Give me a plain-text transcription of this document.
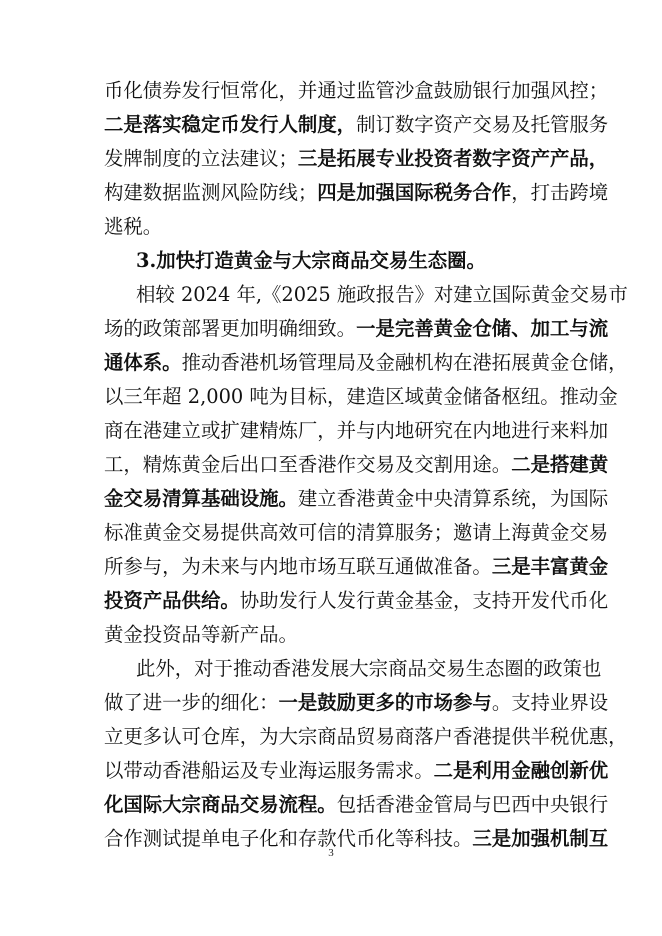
币化债券发行恒常化，并通过监管沙盒鼓励银行加强风控；
二是落实稳定币发行人制度，制订数字资产交易及托管服务
发牌制度的立法建议；三是拓展专业投资者数字资产产品，
构建数据监测风险防线；四是加强国际税务合作，打击跨境
逃税。
3.加快打造黄金与大宗商品交易生态圈。
相较 2024 年,《2025 施政报告》对建立国际黄金交易市
场的政策部署更加明确细致。一是完善黄金仓储、加工与流
通体系。推动香港机场管理局及金融机构在港拓展黄金仓储，
以三年超 2,000 吨为目标，建造区域黄金储备枢纽。推动金
商在港建立或扩建精炼厂，并与内地研究在内地进行来料加
工，精炼黄金后出口至香港作交易及交割用途。二是搭建黄
金交易清算基础设施。建立香港黄金中央清算系统，为国际
标准黄金交易提供高效可信的清算服务；邀请上海黄金交易
所参与，为未来与内地市场互联互通做准备。三是丰富黄金
投资产品供给。协助发行人发行黄金基金，支持开发代币化
黄金投资品等新产品。
此外，对于推动香港发展大宗商品交易生态圈的政策也
做了进一步的细化：一是鼓励更多的市场参与。支持业界设
立更多认可仓库，为大宗商品贸易商落户香港提供半税优惠，
以带动香港船运及专业海运服务需求。二是利用金融创新优
化国际大宗商品交易流程。包括香港金管局与巴西中央银行
合作测试提单电子化和存款代币化等科技。三是加强机制互
3
